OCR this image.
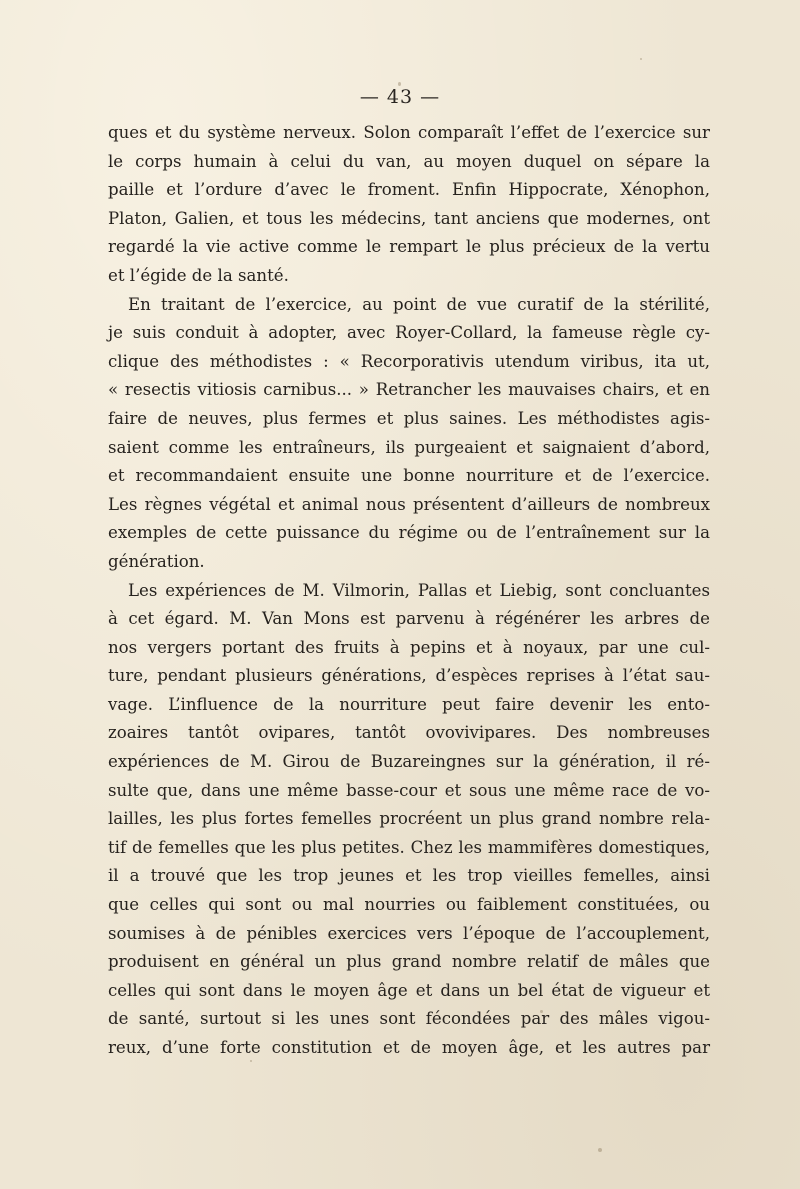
— 43 —
ques et du système nerveux. Solon comparaît l’effet de l’exercice sur
le corps humain à celui du van, au moyen duquel on sépare la
paille et l’ordure d’avec le froment. Enfin Hippocrate, Xénophon,
Platon, Galien, et tous les médecins, tant anciens que modernes, ont
regardé la vie active comme le rempart le plus précieux de la vertu
et l’égide de la santé.
En traitant de l’exercice, au point de vue curatif de la stérilité,
je suis conduit à adopter, avec Royer-Collard, la fameuse règle cy-
clique des méthodistes : « Recorporativis utendum viribus, ita ut,
« resectis vitiosis carnibus... » Retrancher les mauvaises chairs, et en
faire de neuves, plus fermes et plus saines. Les méthodistes agis-
saient comme les entraîneurs, ils purgeaient et saignaient d’abord,
et recommandaient ensuite une bonne nourriture et de l’exercice.
Les règnes végétal et animal nous présentent d’ailleurs de nombreux
exemples de cette puissance du régime ou de l’entraînement sur la
génération.
Les expériences de M. Vilmorin, Pallas et Liebig, sont concluantes
à cet égard. M. Van Mons est parvenu à régénérer les arbres de
nos vergers portant des fruits à pepins et à noyaux, par une cul-
ture, pendant plusieurs générations, d’espèces reprises à l’état sau-
vage. L’influence de la nourriture peut faire devenir les ento-
zoaires tantôt ovipares, tantôt ovovivipares. Des nombreuses
expériences de M. Girou de Buzareingnes sur la génération, il ré-
sulte que, dans une même basse-cour et sous une même race de vo-
lailles, les plus fortes femelles procréent un plus grand nombre rela-
tif de femelles que les plus petites. Chez les mammifères domestiques,
il a trouvé que les trop jeunes et les trop vieilles femelles, ainsi
que celles qui sont ou mal nourries ou faiblement constituées, ou
soumises à de pénibles exercices vers l’époque de l’accouplement,
produisent en général un plus grand nombre relatif de mâles que
celles qui sont dans le moyen âge et dans un bel état de vigueur et
de santé, surtout si les unes sont fécondées par des mâles vigou-
reux, d’une forte constitution et de moyen âge, et les autres par
